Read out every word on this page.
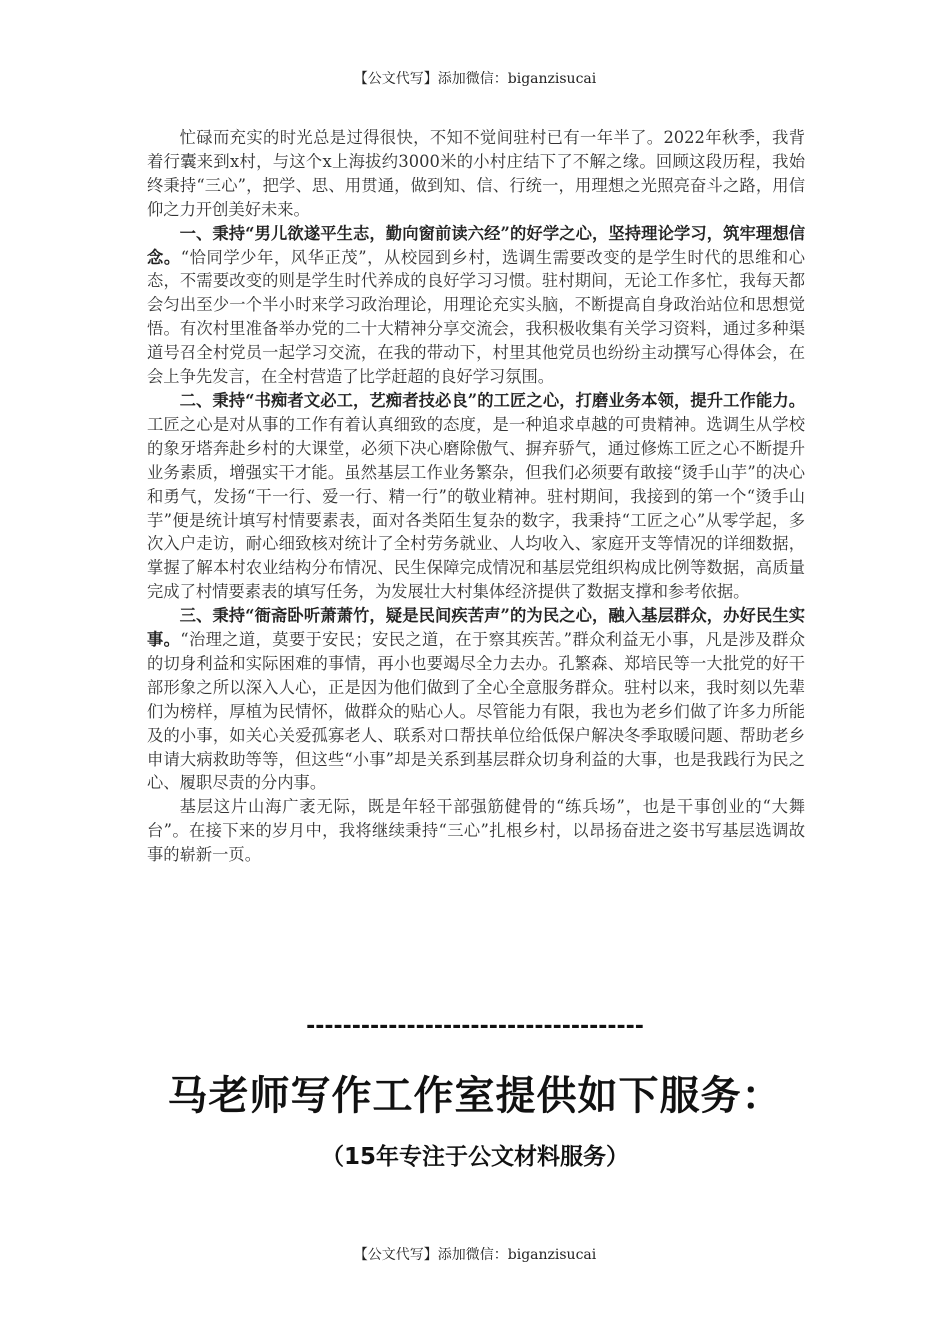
【公文代写】添加微信：biganzisucai

忙碌而充实的时光总是过得很快，不知不觉间驻村已有一年半了。2022年秋季，我背着行囊来到x村，与这个x上海拔约3000米的小村庄结下了不解之缘。回顾这段历程，我始终秉持“三心”，把学、思、用贯通，做到知、信、行统一，用理想之光照亮奋斗之路，用信仰之力开创美好未来。

一、秉持“男儿欲遂平生志，勤向窗前读六经”的好学之心，坚持理论学习，筑牢理想信念。“恰同学少年，风华正茂”，从校园到乡村，选调生需要改变的是学生时代的思维和心态，不需要改变的则是学生时代养成的良好学习习惯。驻村期间，无论工作多忙，我每天都会匀出至少一个半小时来学习政治理论，用理论充实头脑，不断提高自身政治站位和思想觉悟。有次村里准备举办党的二十大精神分享交流会，我积极收集有关学习资料，通过多种渠道号召全村党员一起学习交流，在我的带动下，村里其他党员也纷纷主动撰写心得体会，在会上争先发言，在全村营造了比学赶超的良好学习氛围。

二、秉持“书痴者文必工，艺痴者技必良”的工匠之心，打磨业务本领，提升工作能力。工匠之心是对从事的工作有着认真细致的态度，是一种追求卓越的可贵精神。选调生从学校的象牙塔奔赴乡村的大课堂，必须下决心磨除傲气、摒弃骄气，通过修炼工匠之心不断提升业务素质，增强实干才能。虽然基层工作业务繁杂，但我们必须要有敢接“烫手山芋”的决心和勇气，发扬“干一行、爱一行、精一行”的敬业精神。驻村期间，我接到的第一个“烫手山芋”便是统计填写村情要素表，面对各类陌生复杂的数字，我秉持“工匠之心”从零学起，多次入户走访，耐心细致核对统计了全村劳务就业、人均收入、家庭开支等情况的详细数据，掌握了解本村农业结构分布情况、民生保障完成情况和基层党组织构成比例等数据，高质量完成了村情要素表的填写任务，为发展壮大村集体经济提供了数据支撑和参考依据。

三、秉持“衙斋卧听萧萧竹，疑是民间疾苦声”的为民之心，融入基层群众，办好民生实事。“治理之道，莫要于安民；安民之道，在于察其疾苦。”群众利益无小事，凡是涉及群众的切身利益和实际困难的事情，再小也要竭尽全力去办。孔繁森、郑培民等一大批党的好干部形象之所以深入人心，正是因为他们做到了全心全意服务群众。驻村以来，我时刻以先辈们为榜样，厚植为民情怀，做群众的贴心人。尽管能力有限，我也为老乡们做了许多力所能及的小事，如关心关爱孤寡老人、联系对口帮扶单位给低保户解决冬季取暖问题、帮助老乡申请大病救助等等，但这些“小事”却是关系到基层群众切身利益的大事，也是我践行为民之心、履职尽责的分内事。

基层这片山海广袤无际，既是年轻干部强筋健骨的“练兵场”，也是干事创业的“大舞台”。在接下来的岁月中，我将继续秉持“三心”扎根乡村，以昂扬奋进之姿书写基层选调故事的崭新一页。

-------------------------------------
马老师写作工作室提供如下服务：
（15年专注于公文材料服务）
【公文代写】添加微信：biganzisucai
